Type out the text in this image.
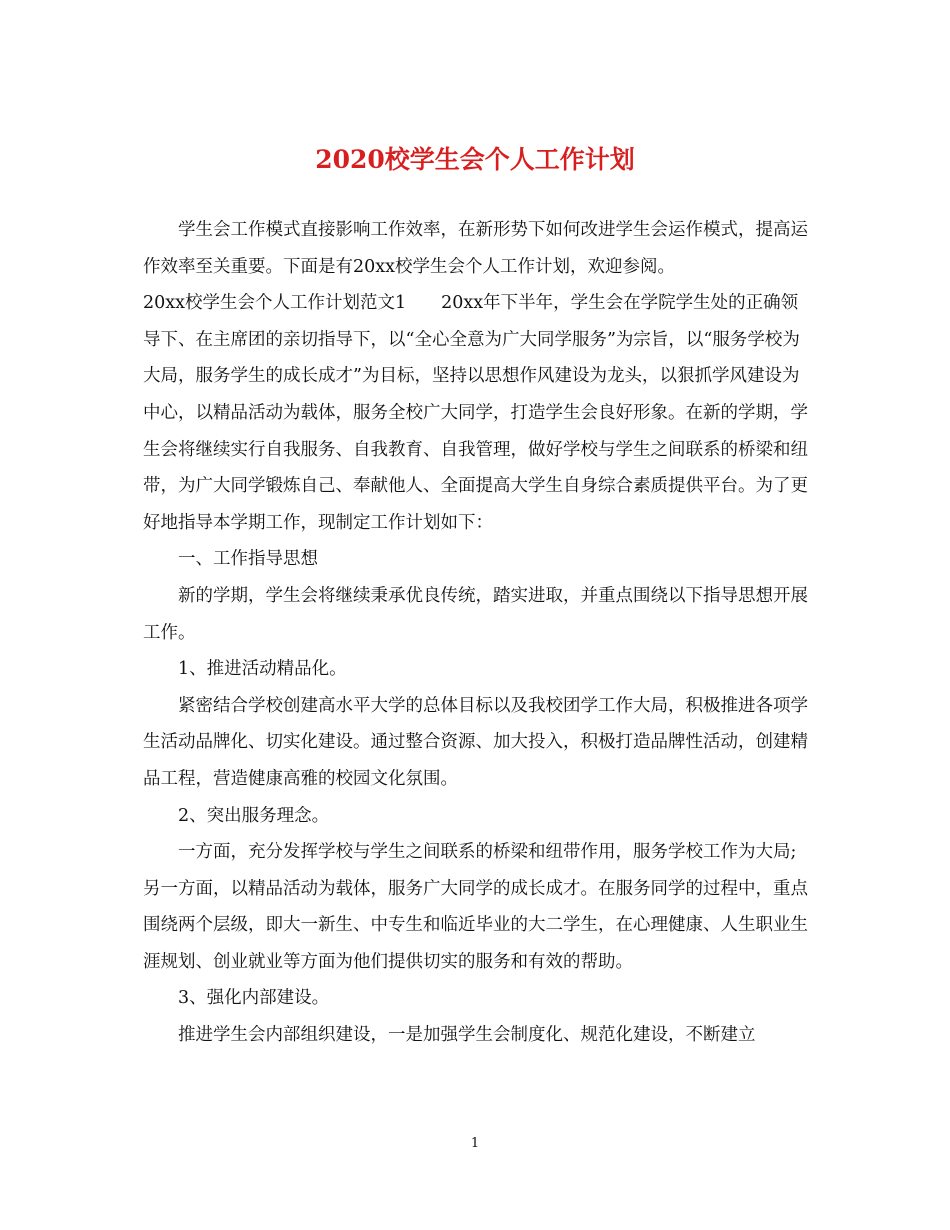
2020校学生会个人工作计划

学生会工作模式直接影响工作效率，在新形势下如何改进学生会运作模式，提高运作效率至关重要。下面是有20xx校学生会个人工作计划，欢迎参阅。

20xx校学生会个人工作计划范文1　　20xx年下半年，学生会在学院学生处的正确领导下、在主席团的亲切指导下，以“全心全意为广大同学服务”为宗旨，以“服务学校为大局，服务学生的成长成才”为目标，坚持以思想作风建设为龙头，以狠抓学风建设为中心，以精品活动为载体，服务全校广大同学，打造学生会良好形象。在新的学期，学生会将继续实行自我服务、自我教育、自我管理，做好学校与学生之间联系的桥梁和纽带，为广大同学锻炼自己、奉献他人、全面提高大学生自身综合素质提供平台。为了更好地指导本学期工作，现制定工作计划如下：

一、工作指导思想

新的学期，学生会将继续秉承优良传统，踏实进取，并重点围绕以下指导思想开展工作。

1、推进活动精品化。

紧密结合学校创建高水平大学的总体目标以及我校团学工作大局，积极推进各项学生活动品牌化、切实化建设。通过整合资源、加大投入，积极打造品牌性活动，创建精品工程，营造健康高雅的校园文化氛围。

2、突出服务理念。

一方面，充分发挥学校与学生之间联系的桥梁和纽带作用，服务学校工作为大局;另一方面，以精品活动为载体，服务广大同学的成长成才。在服务同学的过程中，重点围绕两个层级，即大一新生、中专生和临近毕业的大二学生，在心理健康、人生职业生涯规划、创业就业等方面为他们提供切实的服务和有效的帮助。

3、强化内部建设。

推进学生会内部组织建设，一是加强学生会制度化、规范化建设，不断建立

1
